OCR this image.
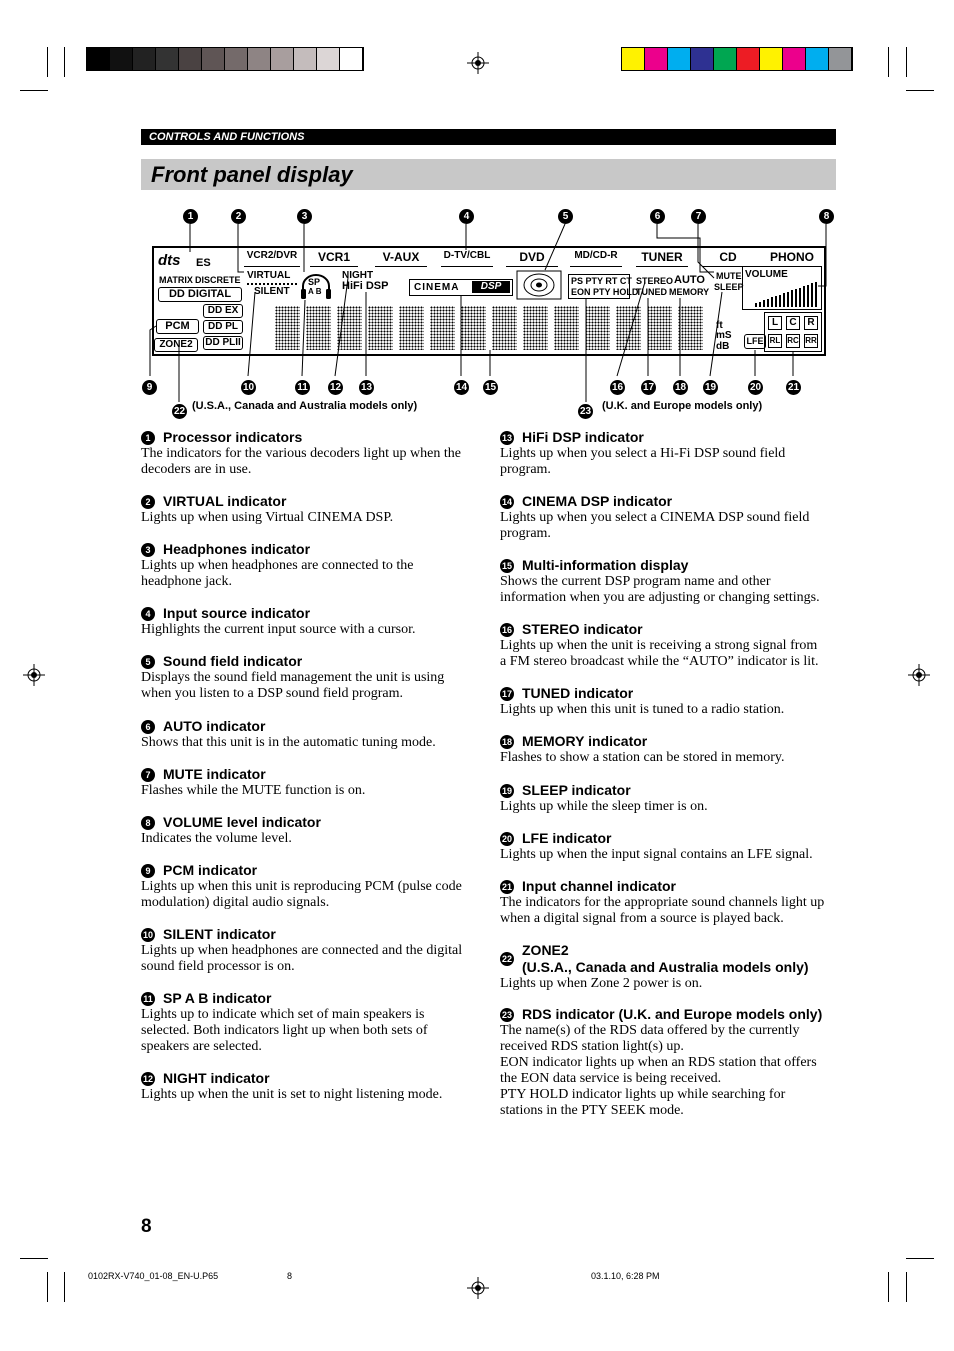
CONTROLS AND FUNCTIONS
Front panel display
1	2	3	4	5	6	7	8
dts ES
MATRIX DISCRETE
DD DIGITAL
DD EX
DD PL
DD PLII
PCM
ZONE2
VCR2/DVR	VCR1	V-AUX	D-TV/CBL	DVD	MD/CD-R	TUNER	CD	PHONO
VIRTUAL
SILENT
SP
A B
NIGHT
HiFi DSP	CINEMA	DSP	PS PTY RT CT
EON PTY HOLD
STEREO
TUNED
AUTO
MEMORY
MUTE
SLEEP
VOLUME
ft
mS
dB LFE
L	C	R
RL RC RR
9	10	11 12 13	14 15	16 17 18 19	20	21
22	23
(U.S.A., Canada and Australia models only)	(U.K. and Europe models only)
1 Processor indicators
The indicators for the various decoders light up when the
decoders are in use.
2 VIRTUAL indicator
Lights up when using Virtual CINEMA DSP.
3 Headphones indicator
Lights up when headphones are connected to the
headphone jack.
4 Input source indicator
Highlights the current input source with a cursor.
5 Sound field indicator
Displays the sound field management the unit is using
when you listen to a DSP sound field program.
6 AUTO indicator
Shows that this unit is in the automatic tuning mode.
7 MUTE indicator
Flashes while the MUTE function is on.
8 VOLUME level indicator
Indicates the volume level.
9 PCM indicator
Lights up when this unit is reproducing PCM (pulse code
modulation) digital audio signals.
10 SILENT indicator
Lights up when headphones are connected and the digital
sound field processor is on.
11 SP A B indicator
Lights up to indicate which set of main speakers is
selected. Both indicators light up when both sets of
speakers are selected.
12 NIGHT indicator
Lights up when the unit is set to night listening mode.
13 HiFi DSP indicator
Lights up when you select a Hi-Fi DSP sound field
program.
14 CINEMA DSP indicator
Lights up when you select a CINEMA DSP sound field
program.
15 Multi-information display
Shows the current DSP program name and other
information when you are adjusting or changing settings.
16 STEREO indicator
Lights up when the unit is receiving a strong signal from
a FM stereo broadcast while the “AUTO” indicator is lit.
17 TUNED indicator
Lights up when this unit is tuned to a radio station.
18 MEMORY indicator
Flashes to show a station can be stored in memory.
19 SLEEP indicator
Lights up while the sleep timer is on.
20 LFE indicator
Lights up when the input signal contains an LFE signal.
21 Input channel indicator
The indicators for the appropriate sound channels light up
when a digital signal from a source is played back.
22
ZONE2
(U.S.A., Canada and Australia models only)
Lights up when Zone 2 power is on.
23 RDS indicator (U.K. and Europe models only)
The name(s) of the RDS data offered by the currently
received RDS station light(s) up.
EON indicator lights up when an RDS station that offers
the EON data service is being received.
PTY HOLD indicator lights up while searching for
stations in the PTY SEEK mode.
8
0102RX-V740_01-08_EN-U.P65	8	03.1.10, 6:28 PM
